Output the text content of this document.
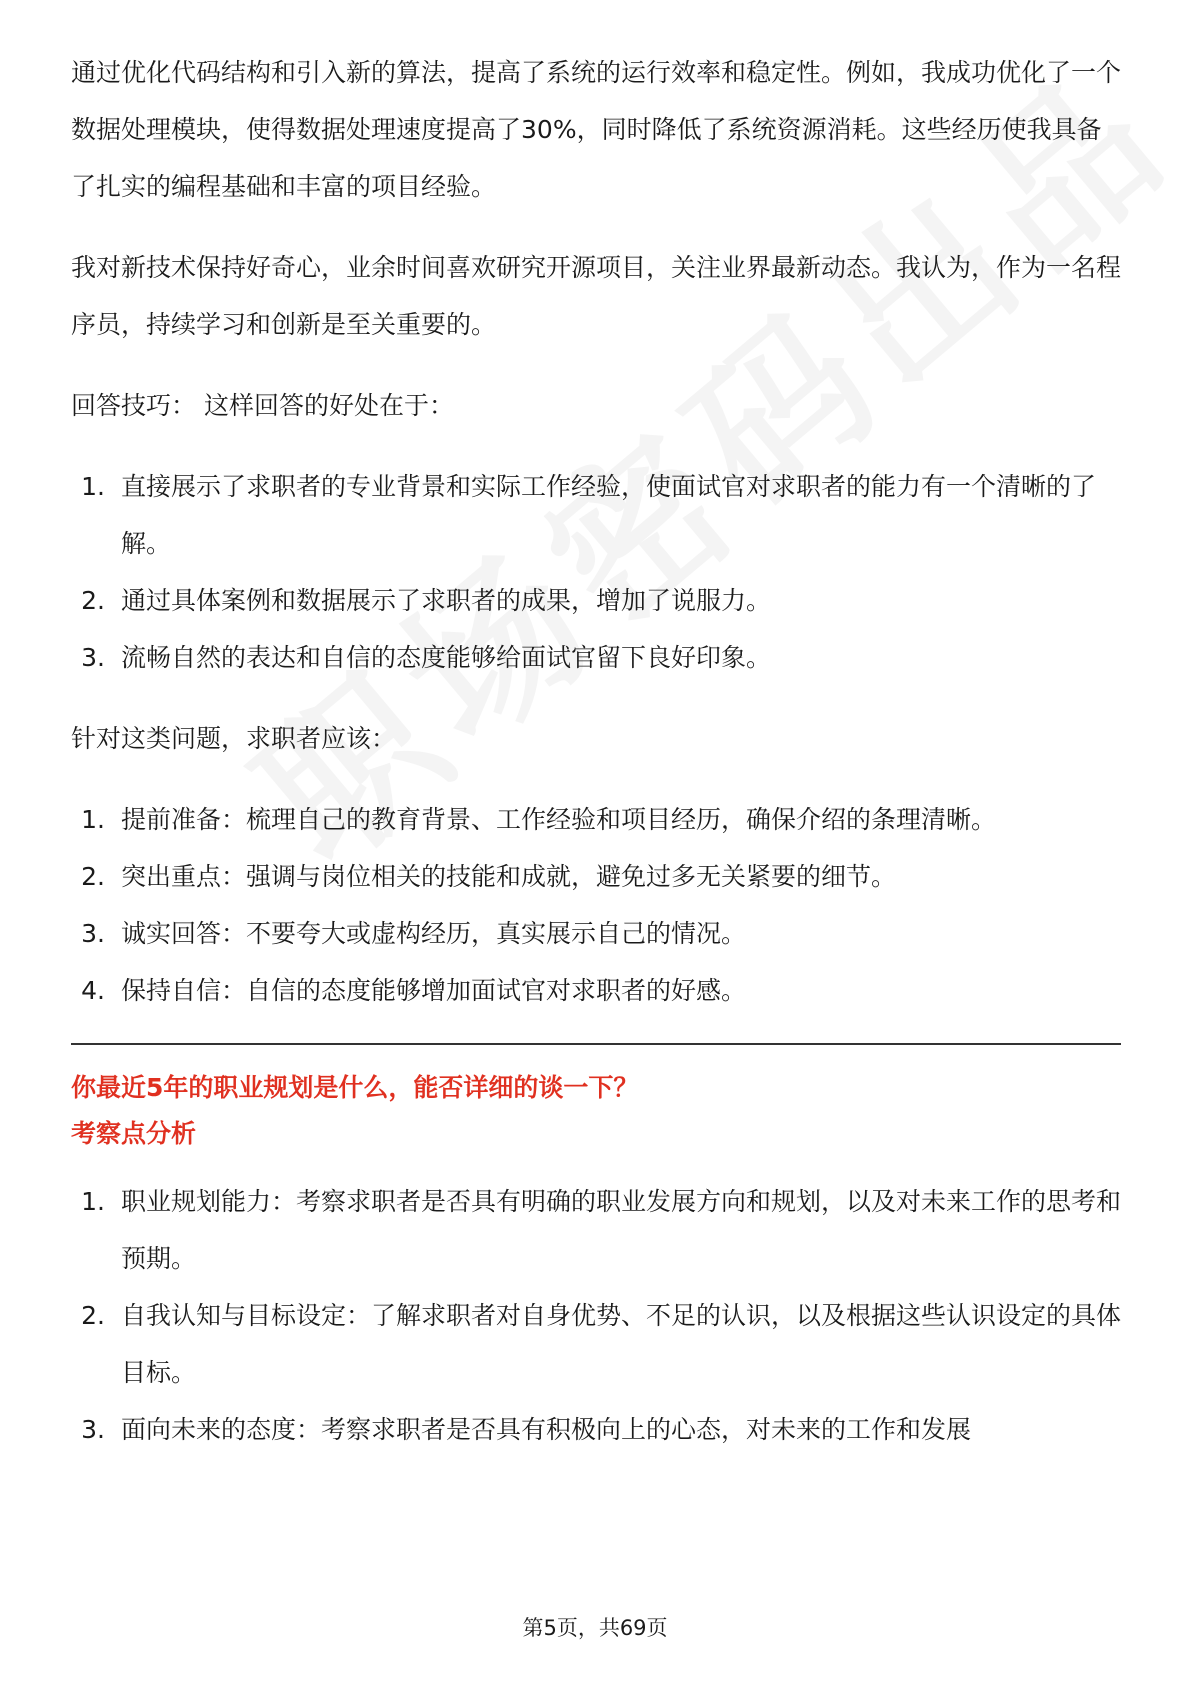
通过优化代码结构和引入新的算法，提高了系统的运行效率和稳定性。例如，我成功优化了一个数据处理模块，使得数据处理速度提高了30%，同时降低了系统资源消耗。这些经历使我具备了扎实的编程基础和丰富的项目经验。

我对新技术保持好奇心，业余时间喜欢研究开源项目，关注业界最新动态。我认为，作为一名程序员，持续学习和创新是至关重要的。

回答技巧： 这样回答的好处在于：

1. 直接展示了求职者的专业背景和实际工作经验，使面试官对求职者的能力有一个清晰的了解。
2. 通过具体案例和数据展示了求职者的成果，增加了说服力。
3. 流畅自然的表达和自信的态度能够给面试官留下良好印象。

针对这类问题，求职者应该：

1. 提前准备：梳理自己的教育背景、工作经验和项目经历，确保介绍的条理清晰。
2. 突出重点：强调与岗位相关的技能和成就，避免过多无关紧要的细节。
3. 诚实回答：不要夸大或虚构经历，真实展示自己的情况。
4. 保持自信：自信的态度能够增加面试官对求职者的好感。
你最近5年的职业规划是什么，能否详细的谈一下？
考察点分析
1. 职业规划能力：考察求职者是否具有明确的职业发展方向和规划，以及对未来工作的思考和预期。
2. 自我认知与目标设定：了解求职者对自身优势、不足的认识，以及根据这些认识设定的具体目标。
3. 面向未来的态度：考察求职者是否具有积极向上的心态，对未来的工作和发展
第5页，共69页
